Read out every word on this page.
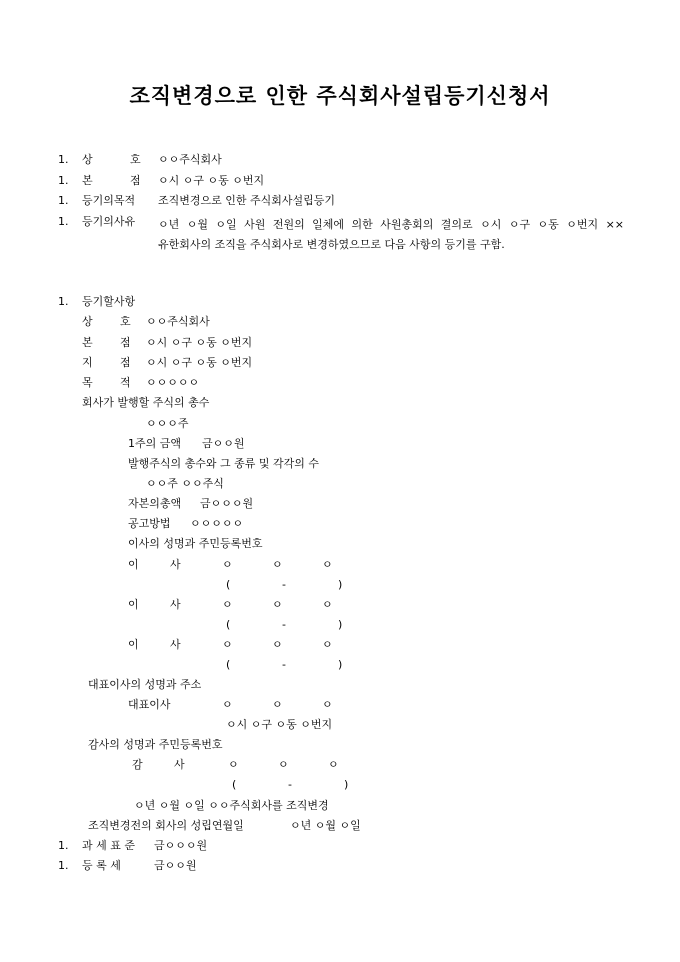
조직변경으로 인한 주식회사설립등기신청서
1. 상	호 ㅇㅇ주식회사
1. 본	점 ㅇ시 ㅇ구 ㅇ동 ㅇ번지
1. 등기의목적 조직변경으로 인한 주식회사설립등기
1. 등기의사유 ㅇ년 ㅇ월 ㅇ일 사원 전원의 일체에 의한 사원총회의 결의로 ㅇ시 ㅇ구 ㅇ동 ㅇ번지 ××유한회사의 조직을 주식회사로 변경하였으므로 다음 사항의 등기를 구함.
1. 등기할사항
상 호 ㅇㅇ주식회사
본 점 ㅇ시 ㅇ구 ㅇ동 ㅇ번지
지 점 ㅇ시 ㅇ구 ㅇ동 ㅇ번지
목 적 ㅇㅇㅇㅇㅇ
회사가 발행할 주식의 총수
ㅇㅇㅇ주
1주의 금액 금ㅇㅇ원
발행주식의 총수와 그 종류 및 각각의 수
ㅇㅇ주 ㅇㅇ주식
자본의총액 금ㅇㅇㅇ원
공고방법 ㅇㅇㅇㅇㅇ
이사의 성명과 주민등록번호
이	사	ㅇ	ㅇ	ㅇ
(	-	)
이	사	ㅇ	ㅇ	ㅇ
(	-	)
이	사	ㅇ	ㅇ	ㅇ
(	-	)
대표이사의 성명과 주소
대표이사	ㅇ	ㅇ	ㅇ
ㅇ시 ㅇ구 ㅇ동 ㅇ번지
감사의 성명과 주민등록번호
감	사	ㅇ	ㅇ	ㅇ
(	-	)
ㅇ년 ㅇ월 ㅇ일 ㅇㅇ주식회사를 조직변경
조직변경전의 회사의 성립연월일	ㅇ년 ㅇ월 ㅇ일
1. 과 세 표 준 금ㅇㅇㅇ원
1. 등 록 세	금ㅇㅇ원
